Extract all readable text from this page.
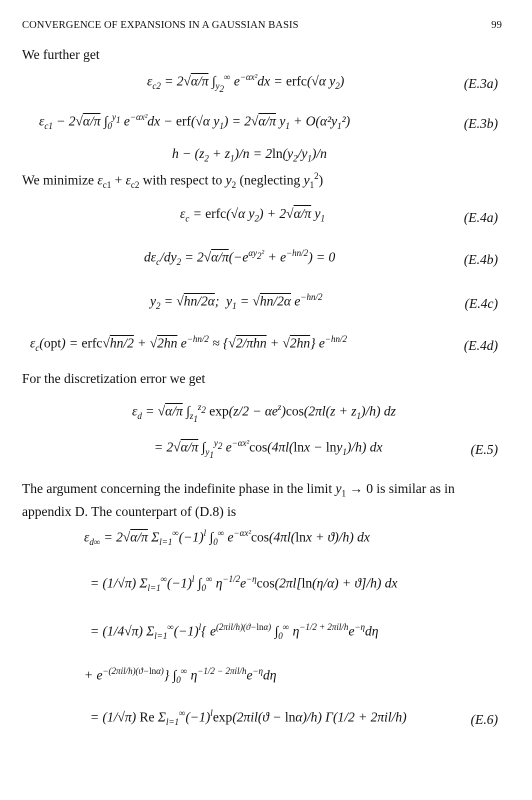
CONVERGENCE OF EXPANSIONS IN A GAUSSIAN BASIS	99
We further get
$\varepsilon_{c2} = 2√\alpha/\pi$ $\int_{y_2}^\infty$ $e^{-\alpha x^2}dx$ = erfc(√α $y_2$)	(E.3a)
$\varepsilon_{c1} - 2√\alpha/\pi$ $\int_0^{y_1}$ $e^{-\alpha x^2}dx - erf(√\alpha$ $y_1) = 2√\alpha/\pi$ $y_1 + O(\alpha^2y_1^2)$	(E.3b)
$h - (z_2 + z_1)/n = 2\ln(y_2/y_1)/n$
We minimize $\varepsilon_{c1} + \varepsilon_{c2}$ with respect to $y_2$ (neglecting $y_1^2$)
$\varepsilon_c$ = erfc(√α $y_2) + 2√\alpha/\pi$ $y_1$	(E.4a)
$d\varepsilon_c/dy_2 = 2√\alpha/\pi(-e^{\alpha y_2^2} + e^{-hn/2}) = 0$	(E.4b)
$y_2 = √hn/2\alpha$;  $y_1 = √hn/2\alpha$ $e^{-hn/2}$	(E.4c)
$\varepsilon_c(opt)$ = erfc√hn/2 + √2hn $e^{-hn/2} \approx \{√2/\pi hn + √2hn\}$ $e^{-hn/2}$	(E.4d)
For the discretization error we get
$\varepsilon_d = √\alpha/\pi$ $\int_{z_1}^{z_2}$ $\exp(z/2 - \alpha e^z)\cos(2\pi l(z + z_1)/h)$ dz
= 2√α/π $\int_{y_1}^{y_2}$ $e^{-\alpha x^2}\cos(4\pi l(\ln x - \ln y_1)/h)$ dx	(E.5)
The argument concerning the indefinite phase in the limit $y_1 \to 0$ is similar as in appendix D. The counterpart of (D.8) is
$\varepsilon_{d\infty} = 2√\alpha/\pi$ $\Sigma_{l=1}^\infty(-1)^l$ $\int_0^\infty$ $e^{-\alpha x^2}\cos(4\pi l(\ln x + ϑ)/h)$ dx
= (1/√π) $\Sigma_{l=1}^\infty(-1)^l$ $\int_0^\infty$ $\eta^{-1/2}e^{-\eta}\cos(2\pi l[\ln(\eta/\alpha) + ϑ]/h)$ dx
= (1/4√π) $\Sigma_{l=1}^\infty(-1)^l${ $e^{(2\pi il/h)(ϑ-ln\alpha)}$ $\int_0^\infty$ $\eta^{-1/2 + 2\pi il/h}e^{-\eta}d\eta$
+ $e^{-(2\pi il/h)(ϑ-ln\alpha)}$} $\int_0^\infty$ $\eta^{-1/2 - 2\pi il/h}e^{-\eta}d\eta$
= (1/√π) Re $\Sigma_{l=1}^\infty(-1)^l\exp(2\pi il(ϑ - \ln\alpha)/h) \Gamma(1/2 + 2\pi il/h)$	(E.6)
